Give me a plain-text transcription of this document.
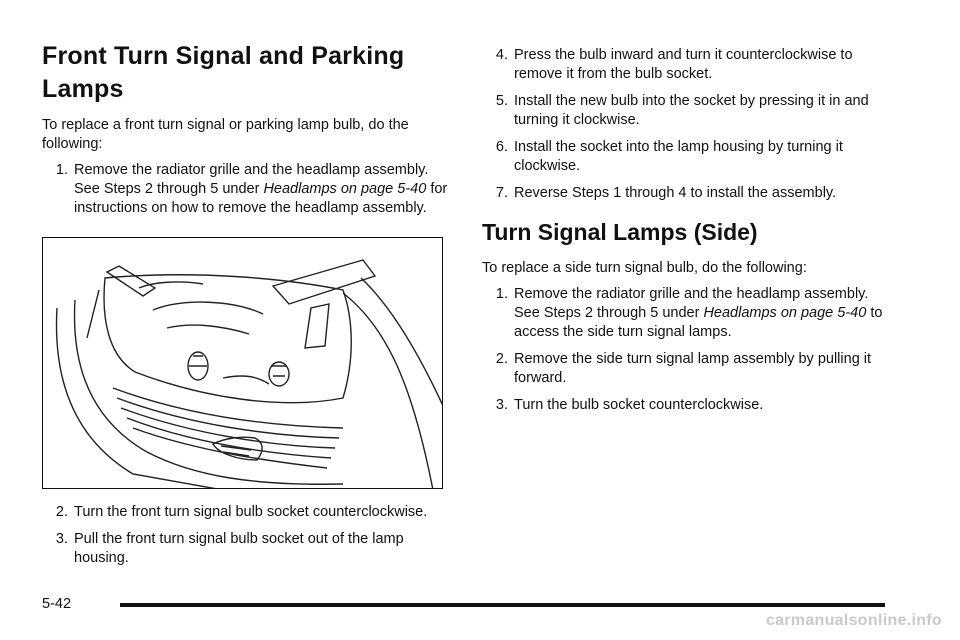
Front Turn Signal and Parking Lamps

To replace a front turn signal or parking lamp bulb, do the following:

1. Remove the radiator grille and the headlamp assembly. See Steps 2 through 5 under Headlamps on page 5-40 for instructions on how to remove the headlamp assembly.
2. Turn the front turn signal bulb socket counterclockwise.
3. Pull the front turn signal bulb socket out of the lamp housing.
4. Press the bulb inward and turn it counterclockwise to remove it from the bulb socket.
5. Install the new bulb into the socket by pressing it in and turning it clockwise.
6. Install the socket into the lamp housing by turning it clockwise.
7. Reverse Steps 1 through 4 to install the assembly.
Turn Signal Lamps (Side)

To replace a side turn signal bulb, do the following:

1. Remove the radiator grille and the headlamp assembly. See Steps 2 through 5 under Headlamps on page 5-40 to access the side turn signal lamps.
2. Remove the side turn signal lamp assembly by pulling it forward.
3. Turn the bulb socket counterclockwise.
5-42
carmanualsonline.info
